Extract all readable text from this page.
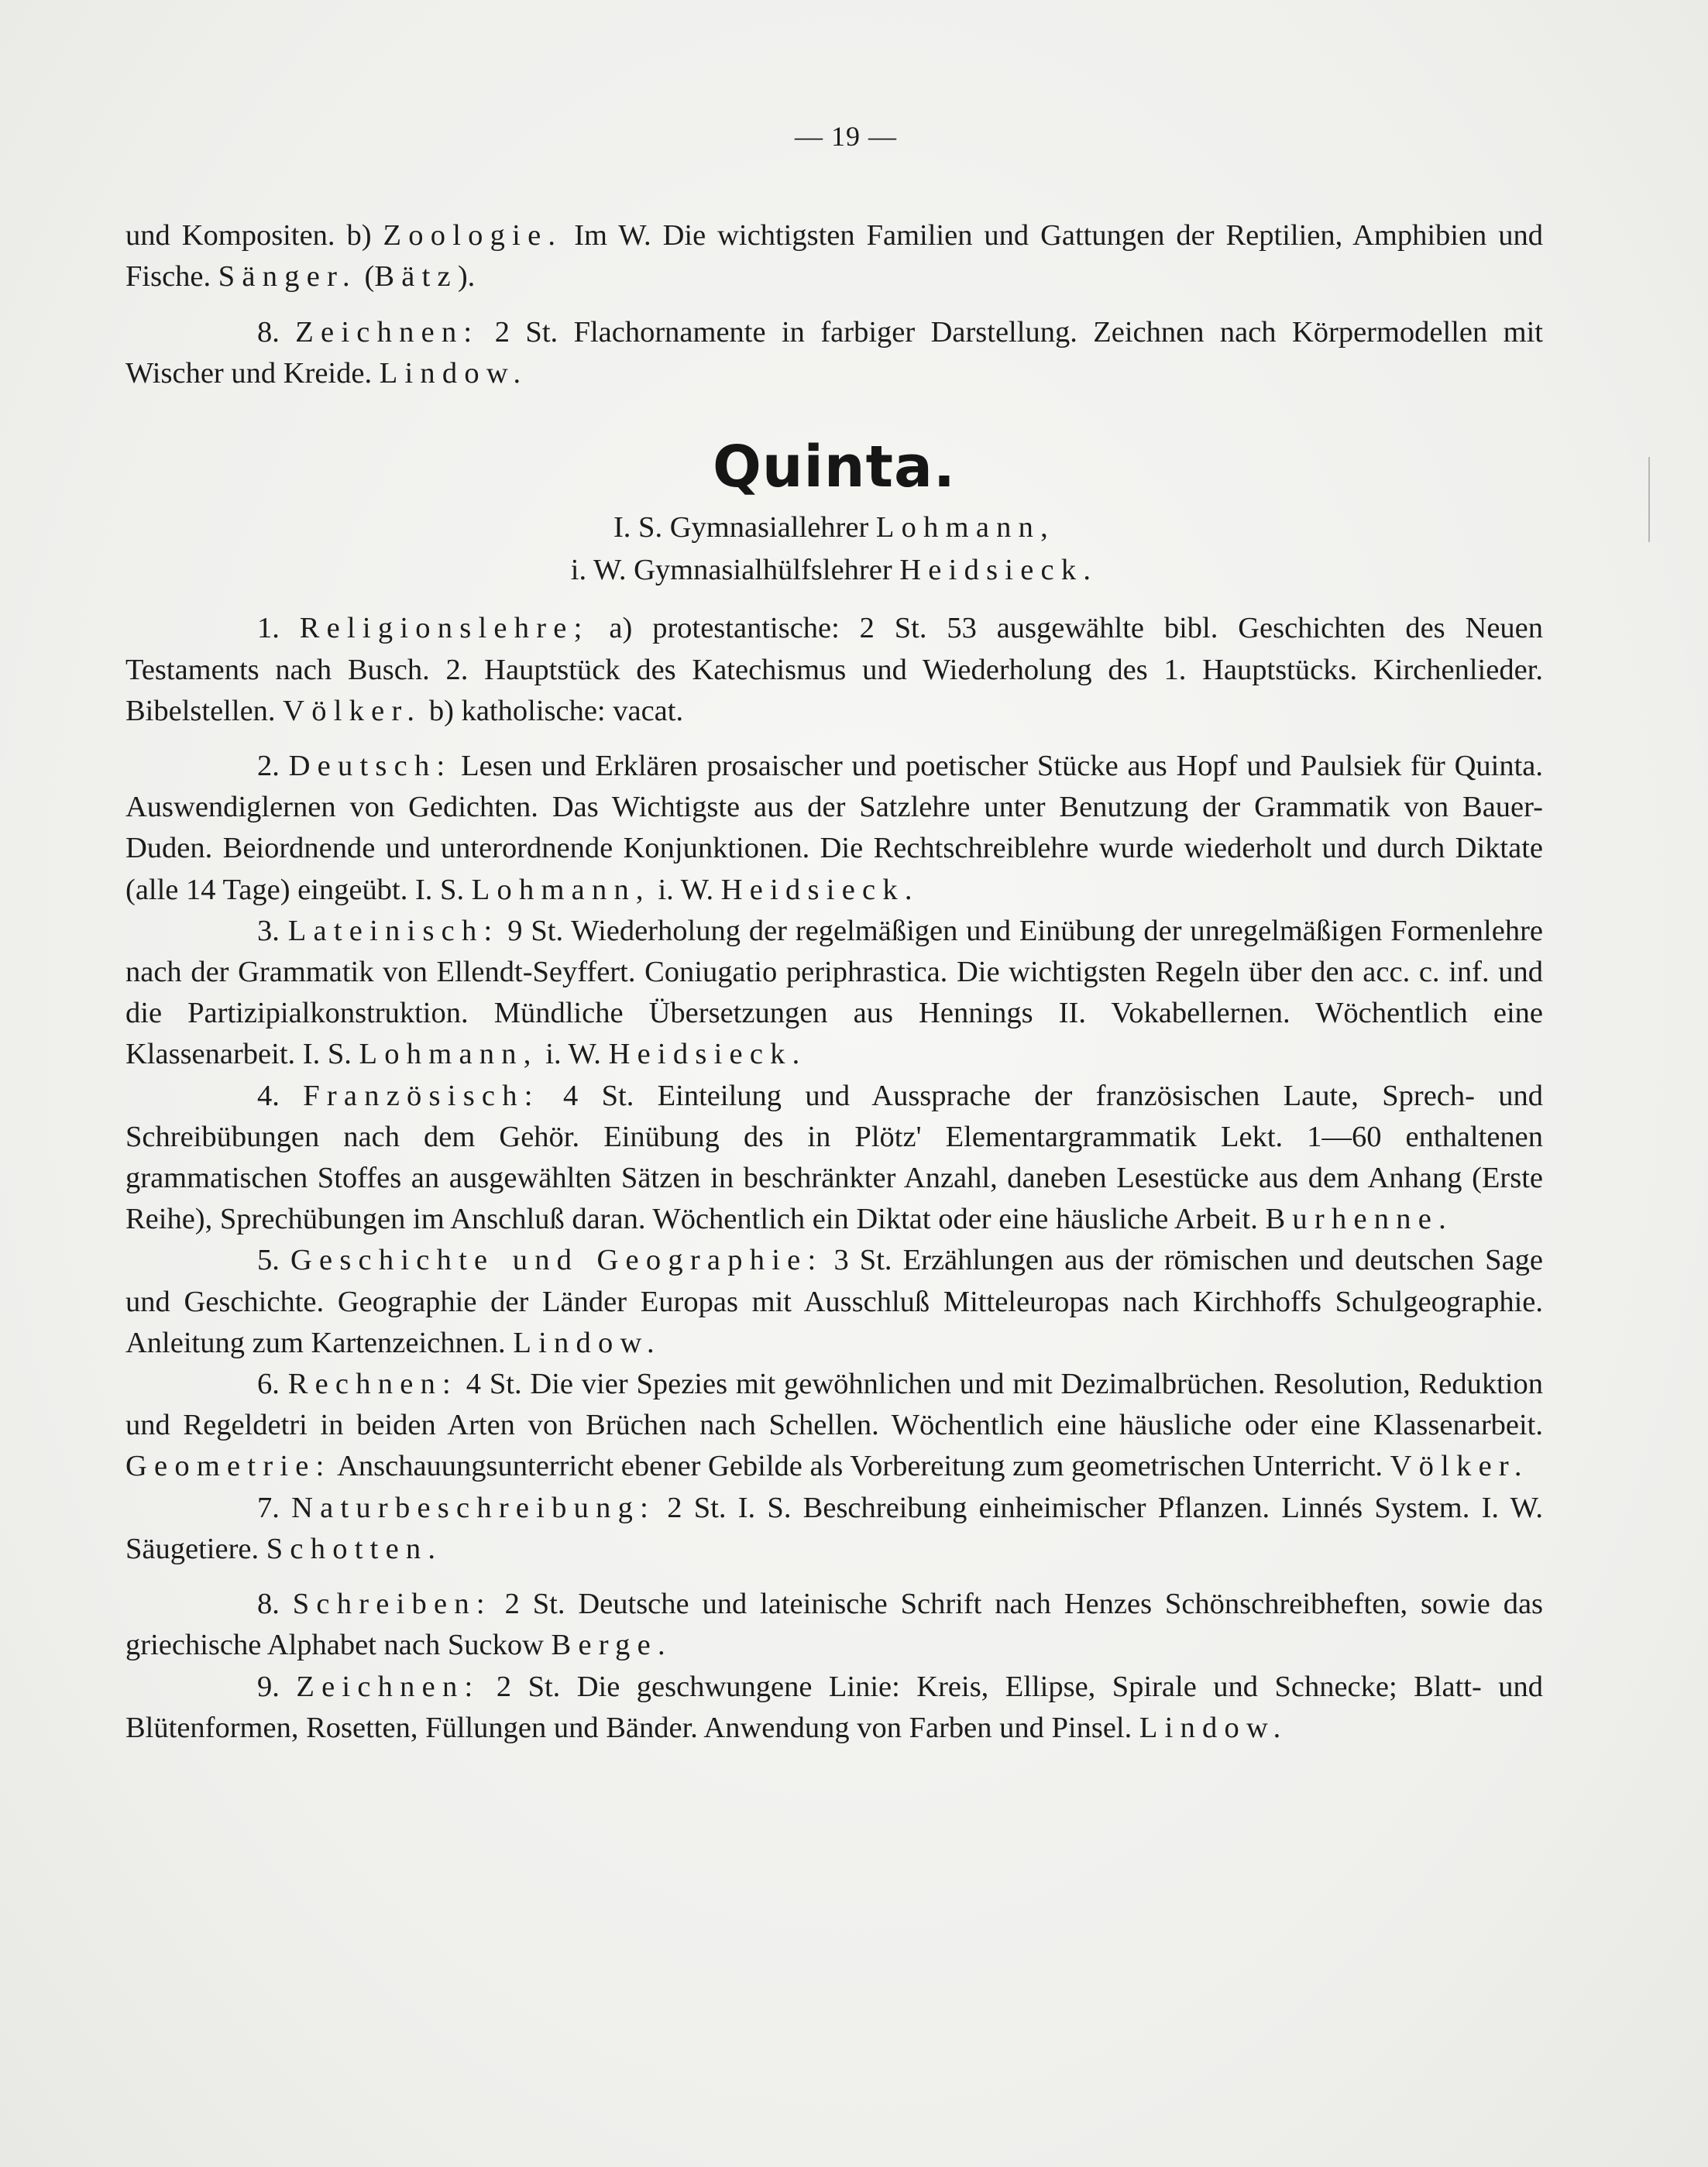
— 19 —

und Kompositen. b) Zoologie. Im W. Die wichtigsten Familien und Gattungen der Reptilien, Amphibien und Fische. Sänger. (Bätz).

8. Zeichnen: 2 St. Flachornamente in farbiger Darstellung. Zeichnen nach Körpermodellen mit Wischer und Kreide. Lindow.

Quinta.
I. S. Gymnasiallehrer Lohmann,
i. W. Gymnasialhülfslehrer Heidsieck.

1. Religionslehre; a) protestantische: 2 St. 53 ausgewählte bibl. Geschichten des Neuen Testaments nach Busch. 2. Hauptstück des Katechismus und Wiederholung des 1. Hauptstücks. Kirchenlieder. Bibelstellen. Völker. b) katholische: vacat.

2. Deutsch: Lesen und Erklären prosaischer und poetischer Stücke aus Hopf und Paulsiek für Quinta. Auswendiglernen von Gedichten. Das Wichtigste aus der Satzlehre unter Benutzung der Grammatik von Bauer-Duden. Beiordnende und unterordnende Konjunktionen. Die Rechtschreiblehre wurde wiederholt und durch Diktate (alle 14 Tage) eingeübt. I. S. Lohmann, i. W. Heidsieck.

3. Lateinisch: 9 St. Wiederholung der regelmäßigen und Einübung der unregelmäßigen Formenlehre nach der Grammatik von Ellendt-Seyffert. Coniugatio periphrastica. Die wichtigsten Regeln über den acc. c. inf. und die Partizipialkonstruktion. Mündliche Übersetzungen aus Hennings II. Vokabellernen. Wöchentlich eine Klassenarbeit. I. S. Lohmann, i. W. Heidsieck.

4. Französisch: 4 St. Einteilung und Aussprache der französischen Laute, Sprech- und Schreibübungen nach dem Gehör. Einübung des in Plötz' Elementargrammatik Lekt. 1—60 enthaltenen grammatischen Stoffes an ausgewählten Sätzen in beschränkter Anzahl, daneben Lesestücke aus dem Anhang (Erste Reihe), Sprechübungen im Anschluß daran. Wöchentlich ein Diktat oder eine häusliche Arbeit. Burhenne.

5. Geschichte und Geographie: 3 St. Erzählungen aus der römischen und deutschen Sage und Geschichte. Geographie der Länder Europas mit Ausschluß Mitteleuropas nach Kirchhoffs Schulgeographie. Anleitung zum Kartenzeichnen. Lindow.

6. Rechnen: 4 St. Die vier Spezies mit gewöhnlichen und mit Dezimalbrüchen. Resolution, Reduktion und Regeldetri in beiden Arten von Brüchen nach Schellen. Wöchentlich eine häusliche oder eine Klassenarbeit. Geometrie: Anschauungsunterricht ebener Gebilde als Vorbereitung zum geometrischen Unterricht. Völker.

7. Naturbeschreibung: 2 St. I. S. Beschreibung einheimischer Pflanzen. Linnés System. I. W. Säugetiere. Schotten.

8. Schreiben: 2 St. Deutsche und lateinische Schrift nach Henzes Schönschreibheften, sowie das griechische Alphabet nach Suckow Berge.

9. Zeichnen: 2 St. Die geschwungene Linie: Kreis, Ellipse, Spirale und Schnecke; Blatt- und Blütenformen, Rosetten, Füllungen und Bänder. Anwendung von Farben und Pinsel. Lindow.
